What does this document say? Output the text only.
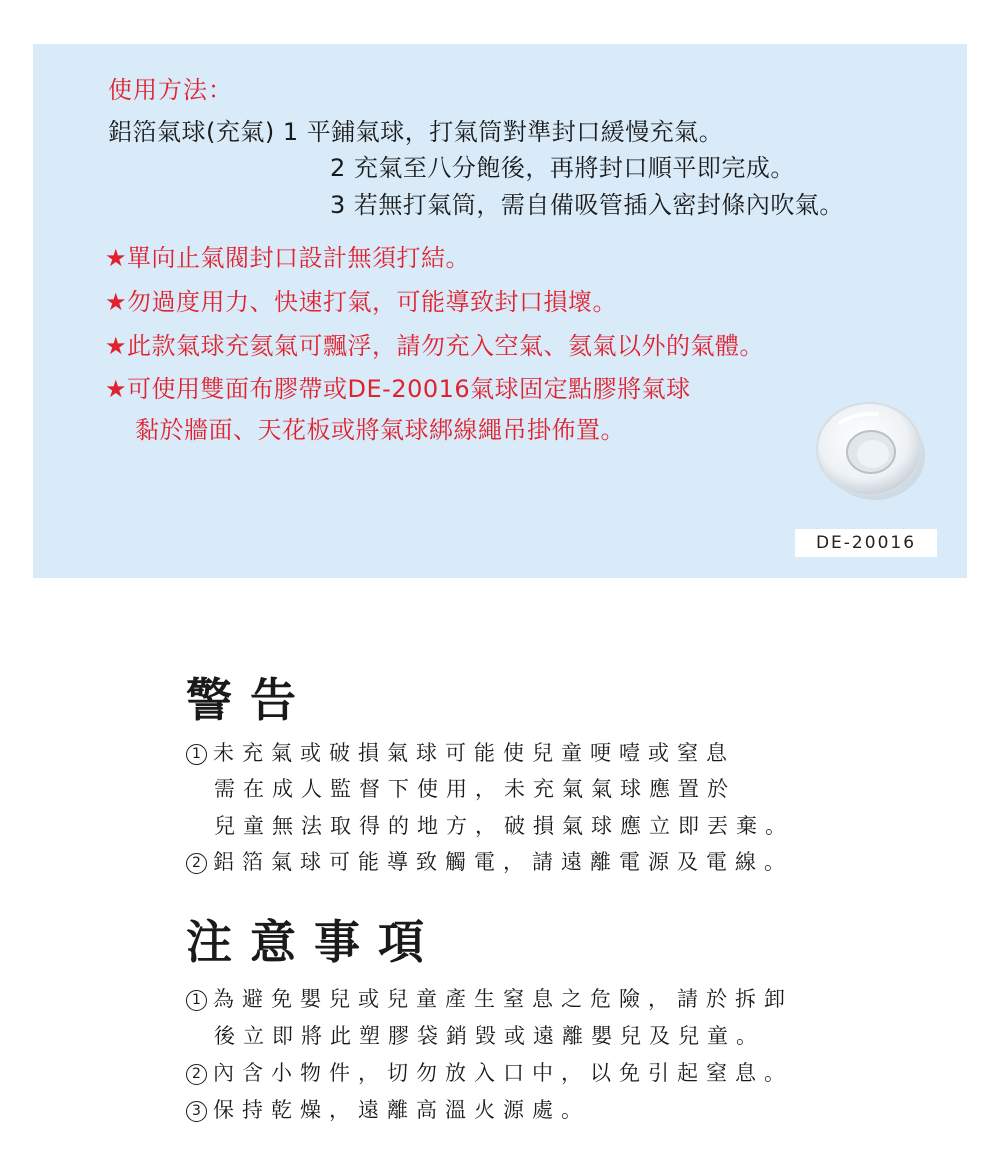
使用方法：
鋁箔氣球(充氣) 1 平鋪氣球，打氣筒對準封口緩慢充氣。
2 充氣至八分飽後，再將封口順平即完成。
3 若無打氣筒，需自備吸管插入密封條內吹氣。
★單向止氣閥封口設計無須打結。
★勿過度用力、快速打氣，可能導致封口損壞。
★此款氣球充氦氣可飄浮，請勿充入空氣、氦氣以外的氣體。
★可使用雙面布膠帶或DE-20016氣球固定點膠將氣球
黏於牆面、天花板或將氣球綁線繩吊掛佈置。
DE-20016
警告
1 未充氣或破損氣球可能使兒童哽噎或窒息
需在成人監督下使用，未充氣氣球應置於
兒童無法取得的地方，破損氣球應立即丟棄。
2 鋁箔氣球可能導致觸電，請遠離電源及電線。
注意事項
1 為避免嬰兒或兒童產生窒息之危險，請於拆卸
後立即將此塑膠袋銷毀或遠離嬰兒及兒童。
2 內含小物件，切勿放入口中，以免引起窒息。
3 保持乾燥，遠離高溫火源處。
